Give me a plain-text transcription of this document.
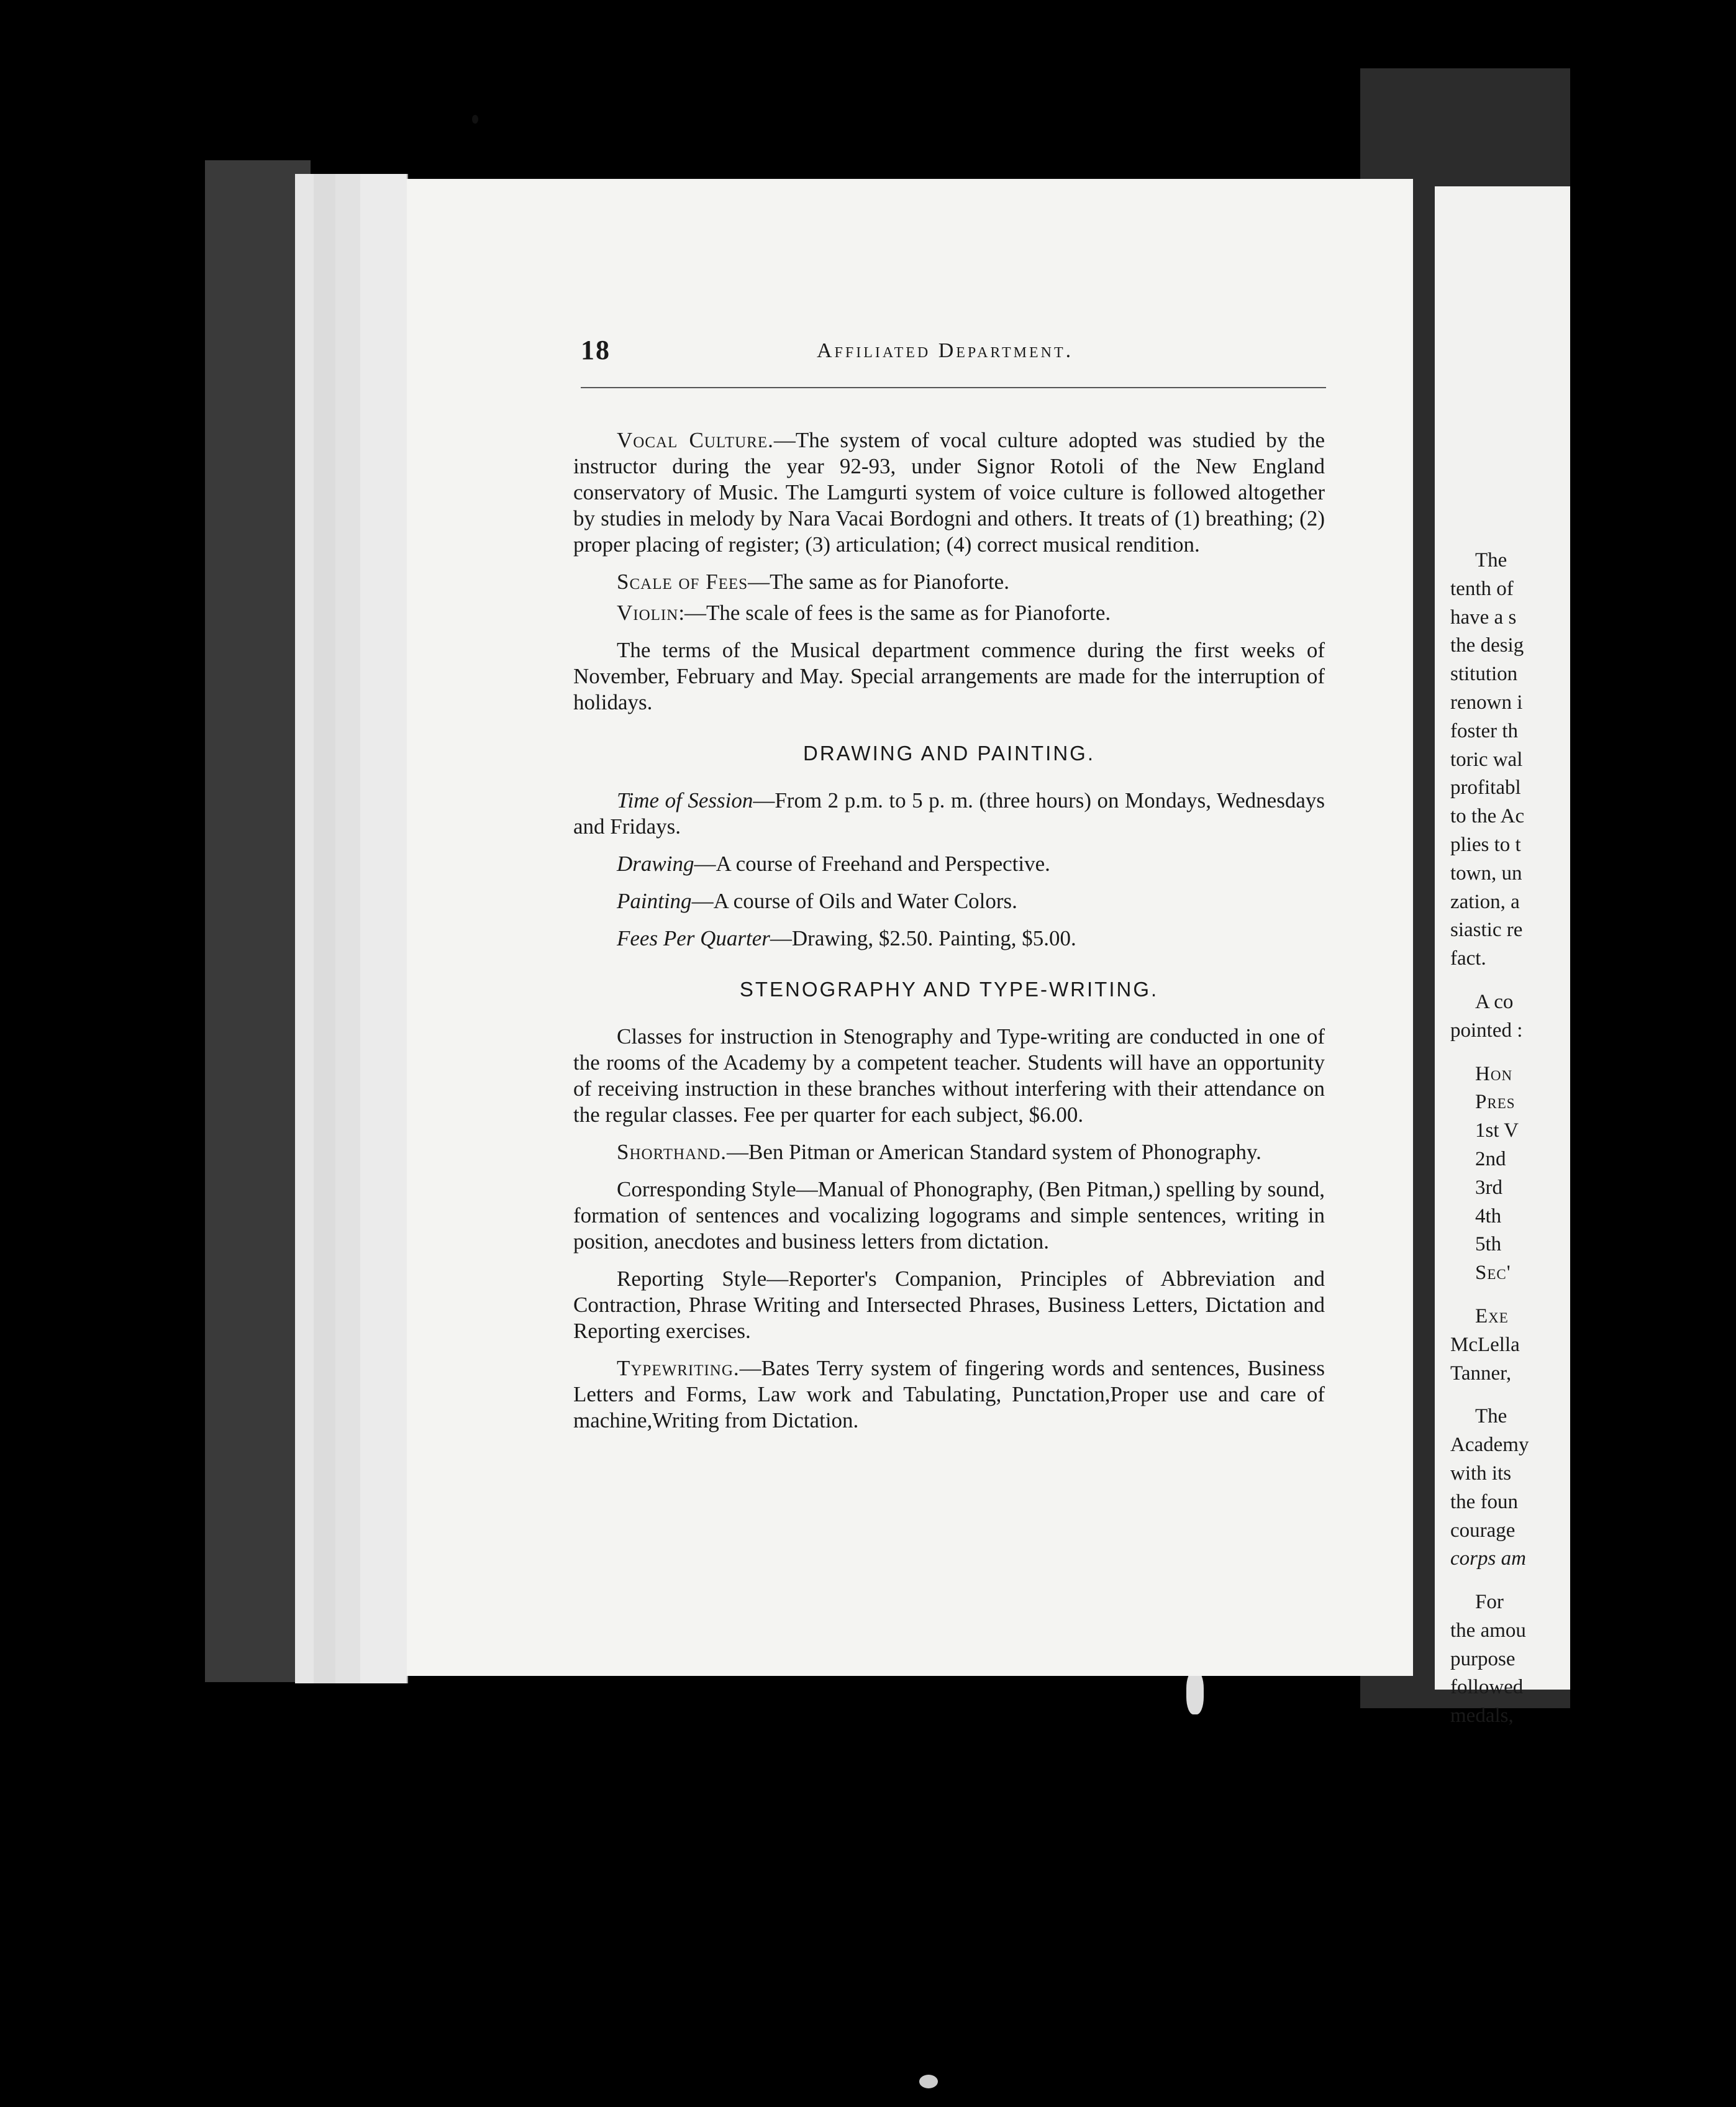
18	Affiliated Department.

Vocal Culture.—The system of vocal culture adopted was studied by the instructor during the year 92-93, under Signor Rotoli of the New England conservatory of Music. The Lamgurti system of voice culture is followed altogether by studies in melody by Nara Vacai Bordogni and others. It treats of (1) breathing; (2) proper placing of register; (3) articulation; (4) correct musical rendition.

Scale of Fees—The same as for Pianoforte.

Violin:—The scale of fees is the same as for Pianoforte.

The terms of the Musical department commence during the first weeks of November, February and May. Special arrangements are made for the interruption of holidays.

DRAWING AND PAINTING.

Time of Session—From 2 p.m. to 5 p. m. (three hours) on Mondays, Wednesdays and Fridays.

Drawing—A course of Freehand and Perspective.

Painting—A course of Oils and Water Colors.

Fees Per Quarter—Drawing, $2.50. Painting, $5.00.

STENOGRAPHY AND TYPE-WRITING.

Classes for instruction in Stenography and Type-writing are conducted in one of the rooms of the Academy by a competent teacher. Students will have an opportunity of receiving instruction in these branches without interfering with their attendance on the regular classes. Fee per quarter for each subject, $6.00.

Shorthand.—Ben Pitman or American Standard system of Phonography.

Corresponding Style—Manual of Phonography, (Ben Pitman,) spelling by sound, formation of sentences and vocalizing logograms and simple sentences, writing in position, anecdotes and business letters from dictation.

Reporting Style—Reporter's Companion, Principles of Abbreviation and Contraction, Phrase Writing and Intersected Phrases, Business Letters, Dictation and Reporting exercises.

Typewriting.—Bates Terry system of fingering words and sentences, Business Letters and Forms, Law work and Tabulating, Punctation,Proper use and care of machine,Writing from Dictation.

The
tenth of
have a s
the desig
stitution
renown i
foster th
toric wal
profitabl
to the Ac
plies to t
town, un
zation, a
siastic re
fact.
A co
pointed :
Hon
Pres
1st V
2nd
3rd
4th
5th
Sec'
Exe
McLella
Tanner,
The
Academy
with its
the foun
courage
corps am
For
the amou
purpose
followed
medals,
